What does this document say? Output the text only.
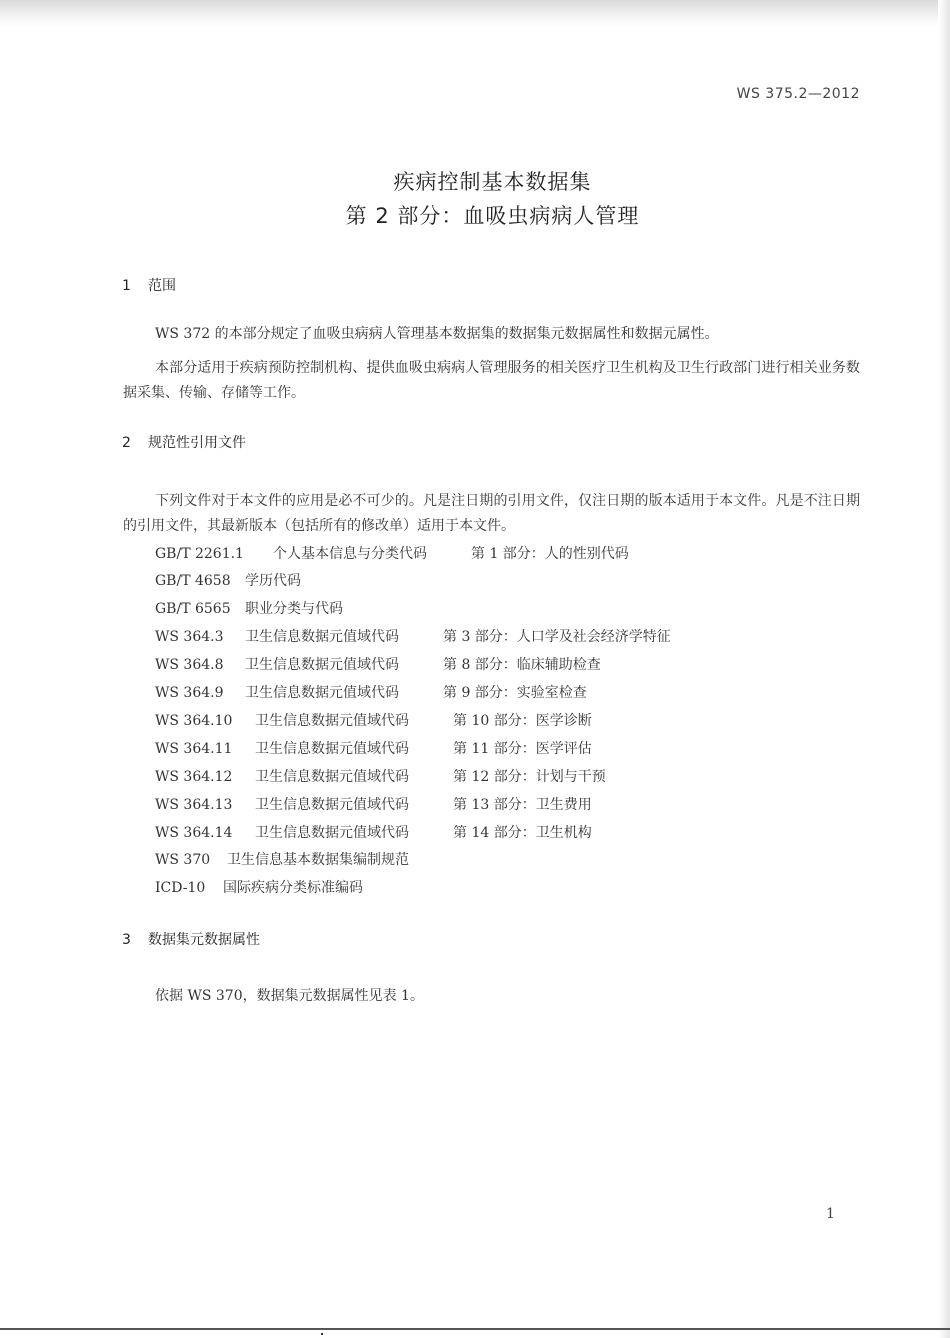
WS 375.2—2012
疾病控制基本数据集
第 2 部分：血吸虫病病人管理
1 范围
WS 372 的本部分规定了血吸虫病病人管理基本数据集的数据集元数据属性和数据元属性。
本部分适用于疾病预防控制机构、提供血吸虫病病人管理服务的相关医疗卫生机构及卫生行政部门进行相关业务数据采集、传输、存储等工作。
2 规范性引用文件
下列文件对于本文件的应用是必不可少的。凡是注日期的引用文件，仅注日期的版本适用于本文件。凡是不注日期的引用文件，其最新版本（包括所有的修改单）适用于本文件。
GB/T 2261.1 个人基本信息与分类代码	第 1 部分：人的性别代码
GB/T 4658 学历代码
GB/T 6565 职业分类与代码
WS 364.3 卫生信息数据元值域代码	第 3 部分：人口学及社会经济学特征
WS 364.8 卫生信息数据元值域代码	第 8 部分：临床辅助检查
WS 364.9 卫生信息数据元值域代码	第 9 部分：实验室检查
WS 364.10 卫生信息数据元值域代码	第 10 部分：医学诊断
WS 364.11 卫生信息数据元值域代码	第 11 部分：医学评估
WS 364.12 卫生信息数据元值域代码	第 12 部分：计划与干预
WS 364.13 卫生信息数据元值域代码	第 13 部分：卫生费用
WS 364.14 卫生信息数据元值域代码	第 14 部分：卫生机构
WS 370 卫生信息基本数据集编制规范
ICD-10 国际疾病分类标准编码
3 数据集元数据属性
依据 WS 370，数据集元数据属性见表 1。
1
